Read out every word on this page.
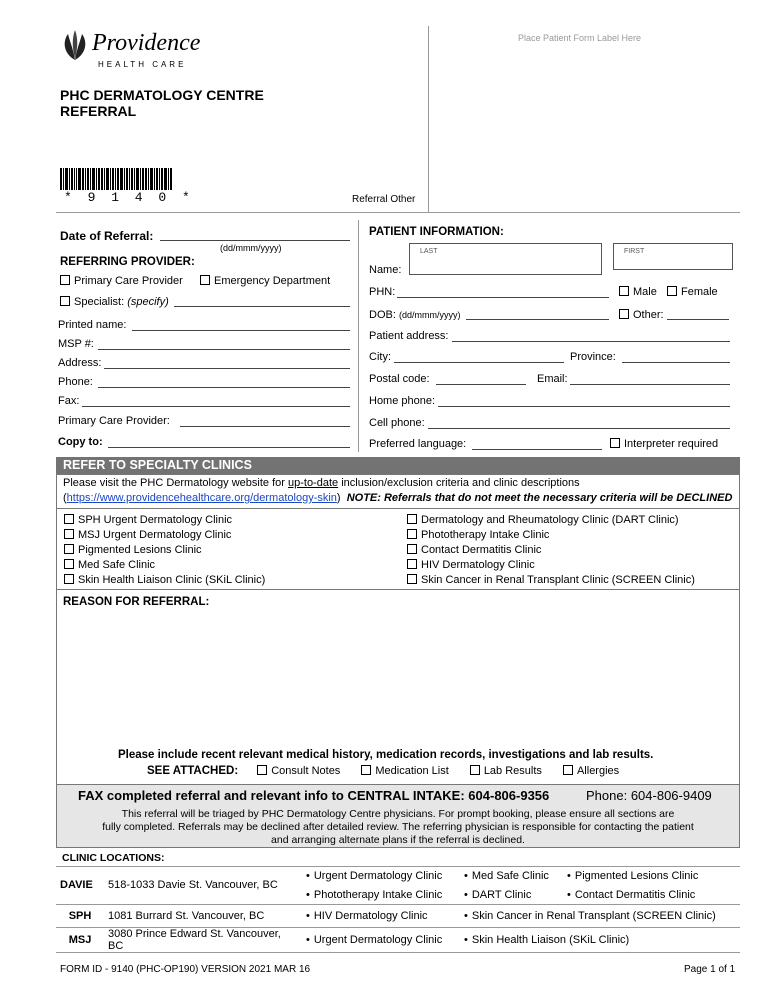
Providence
HEALTH CARE
Place Patient Form Label Here
PHC DERMATOLOGY CENTRE
REFERRAL
* 9 1 4 0 *	Referral Other
Date of Referral:
(dd/mmm/yyyy)
REFERRING PROVIDER:
Primary Care Provider	Emergency Department
Specialist: (specify)
Printed name:
MSP #:
Address:
Phone:
Fax:
Primary Care Provider:
Copy to:
PATIENT INFORMATION:
LAST	FIRST
Name:
PHN:	Male	Female
DOB: (dd/mmm/yyyy)	Other:
Patient address:
City:	Province:
Postal code:	Email:
Home phone:
Cell phone:
Preferred language:	Interpreter required
REFER TO SPECIALTY CLINICS
Please visit the PHC Dermatology website for up-to-date inclusion/exclusion criteria and clinic descriptions
(https://www.providencehealthcare.org/dermatology-skin)  NOTE: Referrals that do not meet the necessary criteria will be DECLINED
SPH Urgent Dermatology Clinic
MSJ Urgent Dermatology Clinic
Pigmented Lesions Clinic
Med Safe Clinic
Skin Health Liaison Clinic (SKiL Clinic)
Dermatology and Rheumatology Clinic (DART Clinic)
Phototherapy Intake Clinic
Contact Dermatitis Clinic
HIV Dermatology Clinic
Skin Cancer in Renal Transplant Clinic (SCREEN Clinic)
REASON FOR REFERRAL:
Please include recent relevant medical history, medication records, investigations and lab results.
SEE ATTACHED:	Consult Notes	Medication List	Lab Results	Allergies
FAX completed referral and relevant info to CENTRAL INTAKE: 604-806-9356	Phone: 604-806-9409
This referral will be triaged by PHC Dermatology Centre physicians. For prompt booking, please ensure all sections are
fully completed. Referrals may be declined after detailed review. The referring physician is responsible for contacting the patient
and arranging alternate plans if the referral is declined.
CLINIC LOCATIONS:
DAVIE	518-1033 Davie St. Vancouver, BC	• Urgent Dermatology Clinic	• Med Safe Clinic	• Pigmented Lesions Clinic
		• Phototherapy Intake Clinic	• DART Clinic	• Contact Dermatitis Clinic
SPH	1081 Burrard St. Vancouver, BC	• HIV Dermatology Clinic	• Skin Cancer in Renal Transplant (SCREEN Clinic)
MSJ	3080 Prince Edward St. Vancouver, BC	• Urgent Dermatology Clinic	• Skin Health Liaison (SKiL Clinic)
FORM ID - 9140 (PHC-OP190) VERSION 2021 MAR 16	Page 1 of 1
